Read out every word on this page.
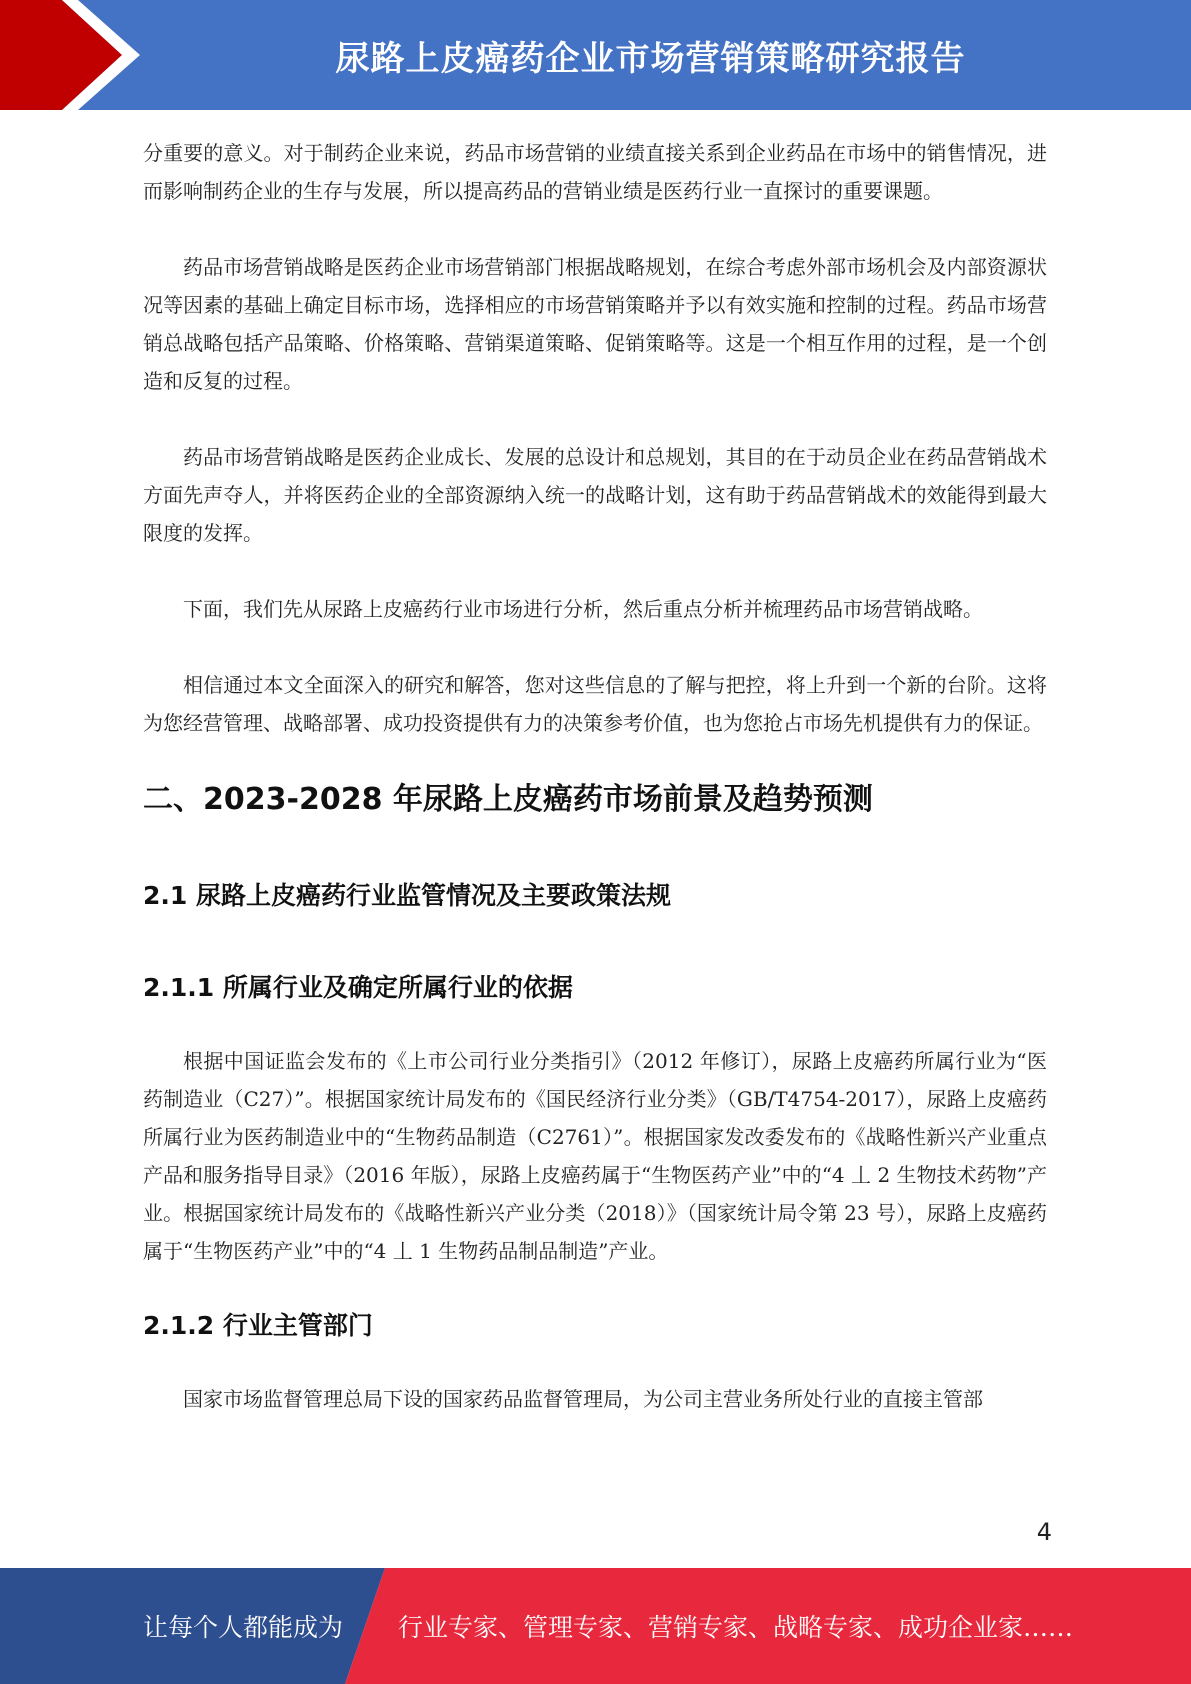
尿路上皮癌药企业市场营销策略研究报告

分重要的意义。对于制药企业来说，药品市场营销的业绩直接关系到企业药品在市场中的销售情况，进而影响制药企业的生存与发展，所以提高药品的营销业绩是医药行业一直探讨的重要课题。

药品市场营销战略是医药企业市场营销部门根据战略规划，在综合考虑外部市场机会及内部资源状况等因素的基础上确定目标市场，选择相应的市场营销策略并予以有效实施和控制的过程。药品市场营销总战略包括产品策略、价格策略、营销渠道策略、促销策略等。这是一个相互作用的过程，是一个创造和反复的过程。

药品市场营销战略是医药企业成长、发展的总设计和总规划，其目的在于动员企业在药品营销战术方面先声夺人，并将医药企业的全部资源纳入统一的战略计划，这有助于药品营销战术的效能得到最大限度的发挥。

下面，我们先从尿路上皮癌药行业市场进行分析，然后重点分析并梳理药品市场营销战略。

相信通过本文全面深入的研究和解答，您对这些信息的了解与把控，将上升到一个新的台阶。这将为您经营管理、战略部署、成功投资提供有力的决策参考价值，也为您抢占市场先机提供有力的保证。

二、2023-2028 年尿路上皮癌药市场前景及趋势预测
2.1 尿路上皮癌药行业监管情况及主要政策法规
2.1.1 所属行业及确定所属行业的依据

根据中国证监会发布的《上市公司行业分类指引》（2012 年修订），尿路上皮癌药所属行业为“医药制造业（C27）”。根据国家统计局发布的《国民经济行业分类》（GB/T4754-2017），尿路上皮癌药所属行业为医药制造业中的“生物药品制造（C2761）”。根据国家发改委发布的《战略性新兴产业重点产品和服务指导目录》（2016 年版），尿路上皮癌药属于“生物医药产业”中的“4 丄 2 生物技术药物”产业。根据国家统计局发布的《战略性新兴产业分类（2018）》（国家统计局令第 23 号），尿路上皮癌药属于“生物医药产业”中的“4 丄 1 生物药品制品制造”产业。

2.1.2 行业主管部门

国家市场监督管理总局下设的国家药品监督管理局，为公司主营业务所处行业的直接主管部

4
让每个人都能成为 行业专家、管理专家、营销专家、战略专家、成功企业家……
